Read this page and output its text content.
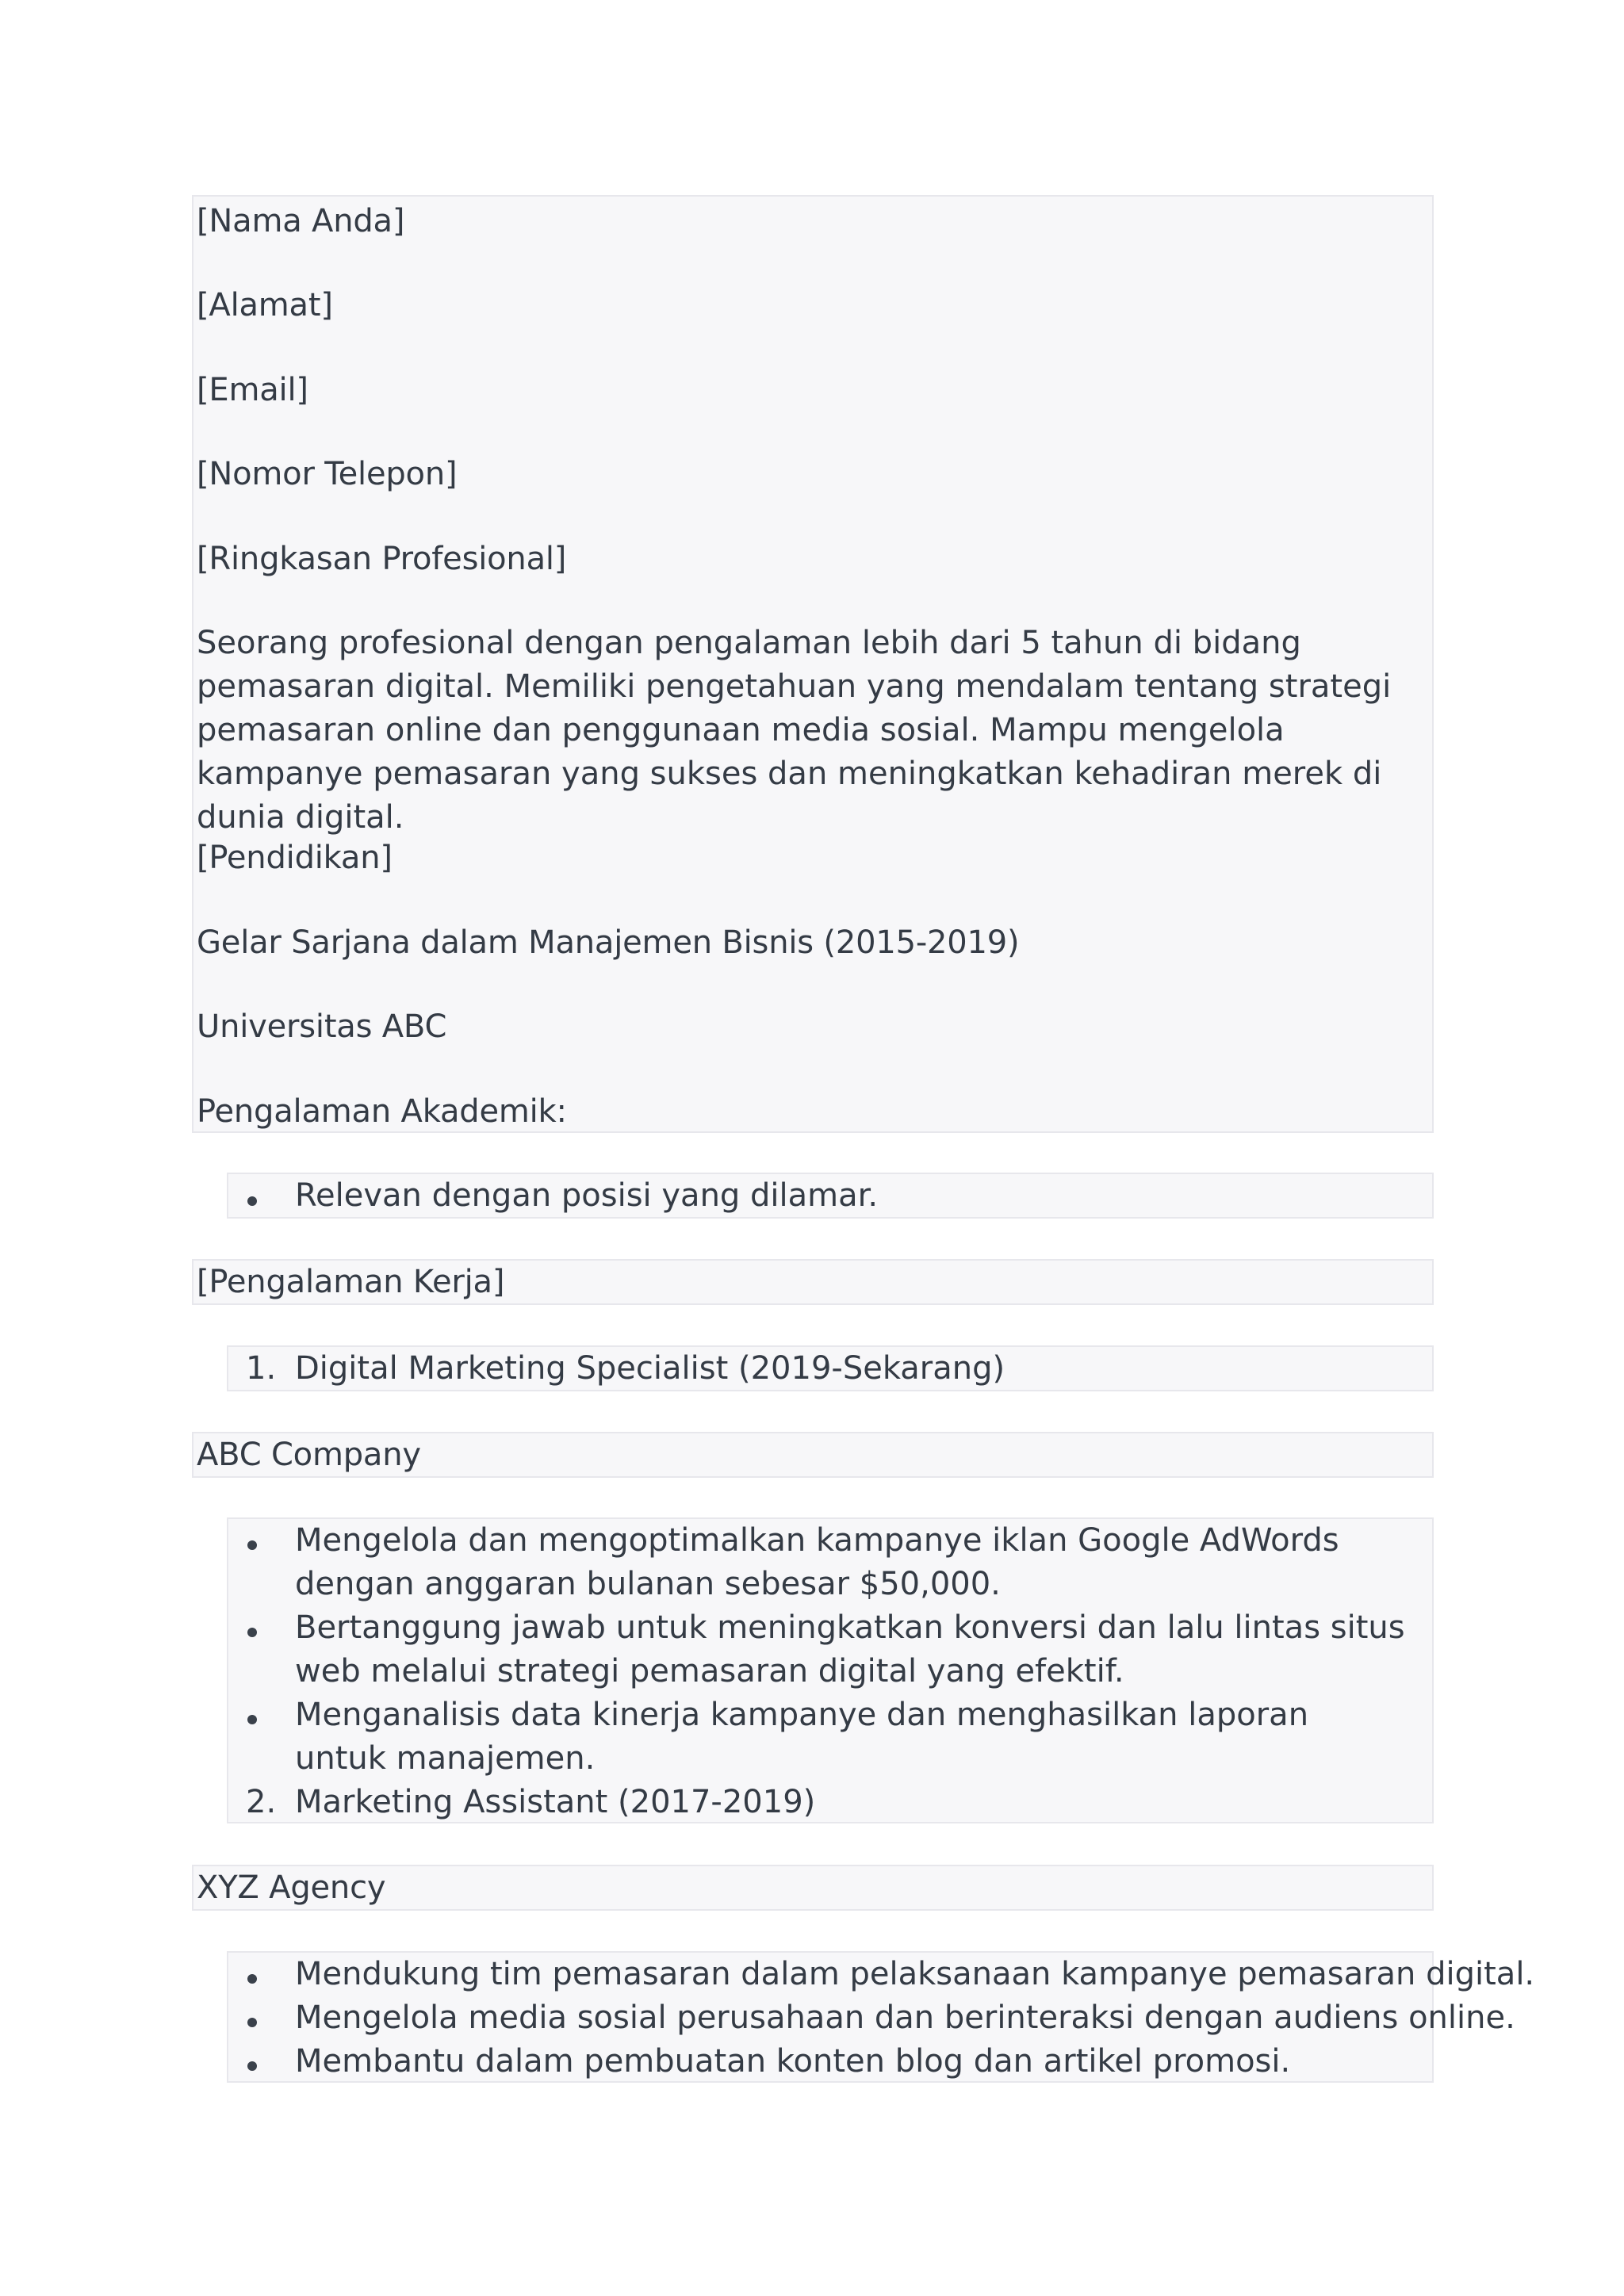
[Nama Anda]
[Alamat]
[Email]
[Nomor Telepon]
[Ringkasan Profesional]
Seorang profesional dengan pengalaman lebih dari 5 tahun di bidang pemasaran digital. Memiliki pengetahuan yang mendalam tentang strategi pemasaran online dan penggunaan media sosial. Mampu mengelola kampanye pemasaran yang sukses dan meningkatkan kehadiran merek di dunia digital.
[Pendidikan]
Gelar Sarjana dalam Manajemen Bisnis (2015-2019)
Universitas ABC
Pengalaman Akademik:
Relevan dengan posisi yang dilamar.
[Pengalaman Kerja]
1. Digital Marketing Specialist (2019-Sekarang)
ABC Company
Mengelola dan mengoptimalkan kampanye iklan Google AdWords dengan anggaran bulanan sebesar $50,000.
Bertanggung jawab untuk meningkatkan konversi dan lalu lintas situs web melalui strategi pemasaran digital yang efektif.
Menganalisis data kinerja kampanye dan menghasilkan laporan untuk manajemen.
2. Marketing Assistant (2017-2019)
XYZ Agency
Mendukung tim pemasaran dalam pelaksanaan kampanye pemasaran digital.
Mengelola media sosial perusahaan dan berinteraksi dengan audiens online.
Membantu dalam pembuatan konten blog dan artikel promosi.
